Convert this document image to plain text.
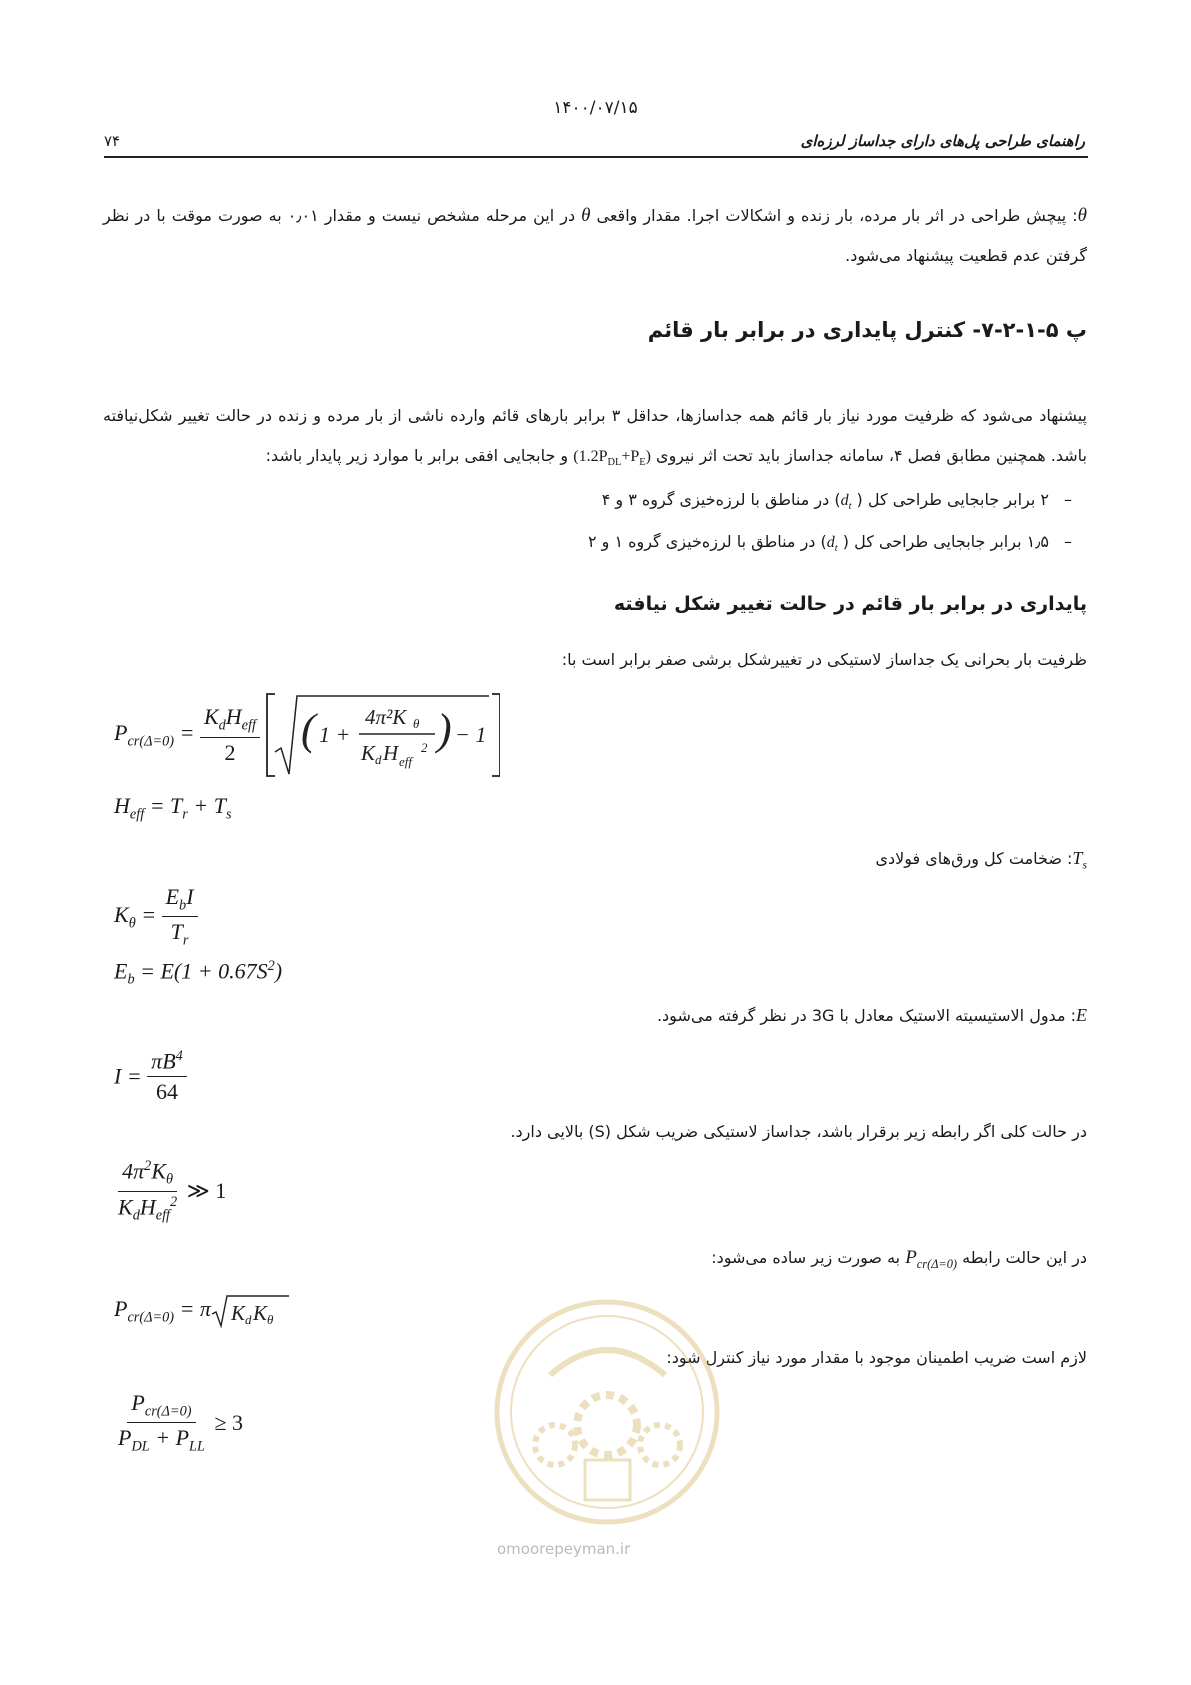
۱۴۰۰/۰۷/۱۵
راهنمای طراحی پل‌های دارای جداساز لرزه‌ای
۷۴
θ: پیچش طراحی در اثر بار مرده، بار زنده و اشکالات اجرا. مقدار واقعی θ در این مرحله مشخص نیست و مقدار ۰٫۰۱ به صورت موقت با در نظر گرفتن عدم قطعیت پیشنهاد می‌شود.
پ ۵-۱-۲-۷- کنترل پایداری در برابر بار قائم
پیشنهاد می‌شود که ظرفیت مورد نیاز بار قائم همه جداسازها، حداقل ۳ برابر بارهای قائم وارده ناشی از بار مرده و زنده در حالت تغییر شکل‌نیافته باشد. همچنین مطابق فصل ۴، سامانه جداساز باید تحت اثر نیروی $(1.2P_{DL}+P_E)$ و جابجایی افقی برابر با موارد زیر پایدار باشد:
–۲ برابر جابجایی طراحی کل ( $d_t$) در مناطق با لرزه‌خیزی گروه ۳ و ۴
–۱٫۵ برابر جابجایی طراحی کل ( $d_t$) در مناطق با لرزه‌خیزی گروه ۱ و ۲
پایداری در برابر بار قائم در حالت تغییر شکل نیافته
ظرفیت بار بحرانی یک جداساز لاستیکی در تغییرشکل برشی صفر برابر است با:
$P_{cr(\Delta=0)} = \frac{K_dH_{eff}}{2}$
( 1 +
4π²K θ
K d H eff
2 ) − 1
$H_{eff} = T_r + T_s$
$T_s$: ضخامت کل ورق‌های فولادی
$K_\theta = \frac{E_bI}{T_r}$
$E_b = E(1 + 0.67S^2)$
E: مدول الاستیسیته الاستیک معادل با 3G در نظر گرفته می‌شود.
$I = \frac{\pi B^4}{64}$
در حالت کلی اگر رابطه زیر برقرار باشد، جداساز لاستیکی ضریب شکل (S) بالایی دارد.
$\frac{4\pi^2K_\theta}{K_dH_{eff}^2}$ ≫ 1
در این حالت رابطه $P_{cr(\Delta=0)}$ به صورت زیر ساده می‌شود:
$P_{cr(\Delta=0)} = \pi$ K d K θ
لازم است ضریب اطمینان موجود با مقدار مورد نیاز کنترل شود:
$\frac{P_{cr(\Delta=0)}}{P_{DL} + P_{LL}} \ge 3$
omoorepeyman.ir
